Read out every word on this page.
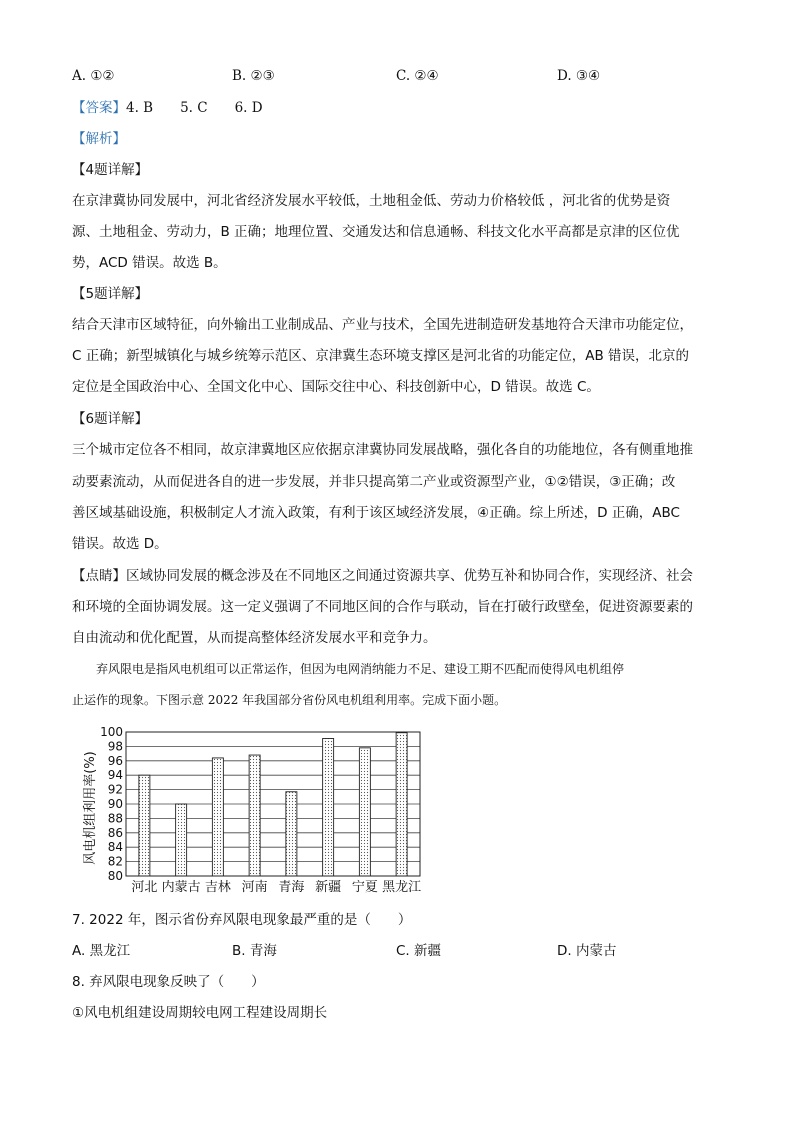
A. ①②	B. ②③	C. ②④	D. ③④
【答案】4. B　　5. C　　6. D
【解析】
【4题详解】
在京津冀协同发展中，河北省经济发展水平较低，土地租金低、劳动力价格较低 ，河北省的优势是资
源、土地租金、劳动力，B 正确；地理位置、交通发达和信息通畅、科技文化水平高都是京津的区位优
势，ACD 错误。故选 B。
【5题详解】
结合天津市区域特征，向外输出工业制成品、产业与技术，全国先进制造研发基地符合天津市功能定位，
C 正确；新型城镇化与城乡统筹示范区、京津冀生态环境支撑区是河北省的功能定位，AB 错误，北京的
定位是全国政治中心、全国文化中心、国际交往中心、科技创新中心，D 错误。故选 C。
【6题详解】
三个城市定位各不相同，故京津冀地区应依据京津冀协同发展战略，强化各自的功能地位，各有侧重地推
动要素流动，从而促进各自的进一步发展，并非只提高第二产业或资源型产业，①②错误，③正确；改
善区域基础设施，积极制定人才流入政策，有利于该区域经济发展，④正确。综上所述，D 正确，ABC
错误。故选 D。
【点睛】区域协同发展的概念涉及在不同地区之间通过资源共享、优势互补和协同合作，实现经济、社会
和环境的全面协调发展。这一定义强调了不同地区间的合作与联动，旨在打破行政壁垒，促进资源要素的
自由流动和优化配置，从而提高整体经济发展水平和竞争力。
　　弃风限电是指风电机组可以正常运作，但因为电网消纳能力不足、建设工期不匹配而使得风电机组停
止运作的现象。下图示意 2022 年我国部分省份风电机组利用率。完成下面小题。
80
82
84
86
88
90
92
94
96
98
100
河北 内蒙古 吉林 河南 青海 新疆 宁夏 黑龙江
风电机组利用率(%)
7. 2022 年，图示省份弃风限电现象最严重的是（　　）
A. 黑龙江	B. 青海	C. 新疆	D. 内蒙古
8. 弃风限电现象反映了（　　）
①风电机组建设周期较电网工程建设周期长
